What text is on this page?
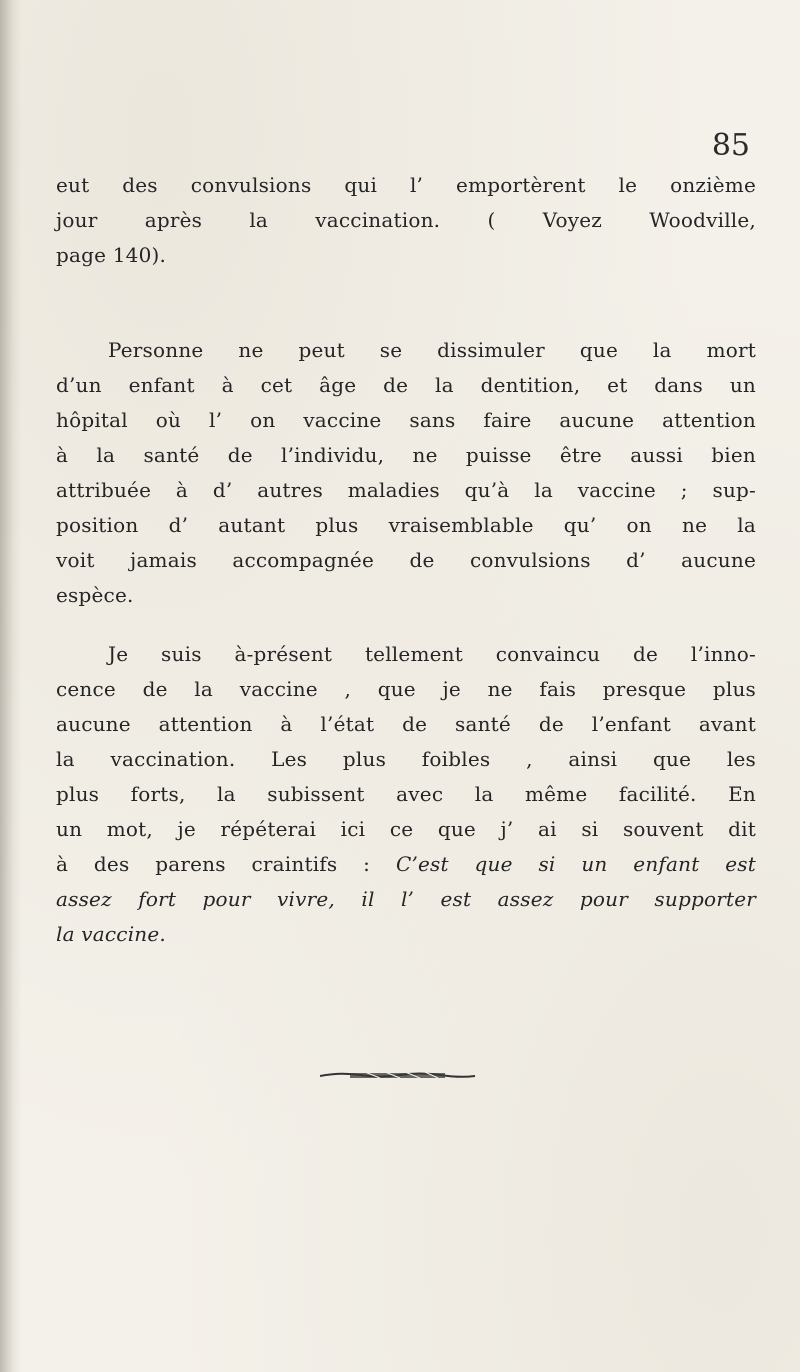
85
eut des convulsions qui l’ emportèrent le onzième
jour après la vaccination. ( Voyez Woodville,
page 140).
Personne ne peut se dissimuler que la mort
d’un enfant à cet âge de la dentition, et dans un
hôpital où l’ on vaccine sans faire aucune attention
à la santé de l’individu, ne puisse être aussi bien
attribuée à d’ autres maladies qu’à la vaccine ; sup-
position d’ autant plus vraisemblable qu’ on ne la
voit jamais accompagnée de convulsions d’ aucune
espèce.
Je suis à-présent tellement convaincu de l’inno-
cence de la vaccine , que je ne fais presque plus
aucune attention à l’état de santé de l’enfant avant
la vaccination. Les plus foibles , ainsi que les
plus forts, la subissent avec la même facilité. En
un mot, je répéterai ici ce que j’ ai si souvent dit
à des parens craintifs : C’est que si un enfant est
assez fort pour vivre, il l’ est assez pour supporter
la vaccine.
